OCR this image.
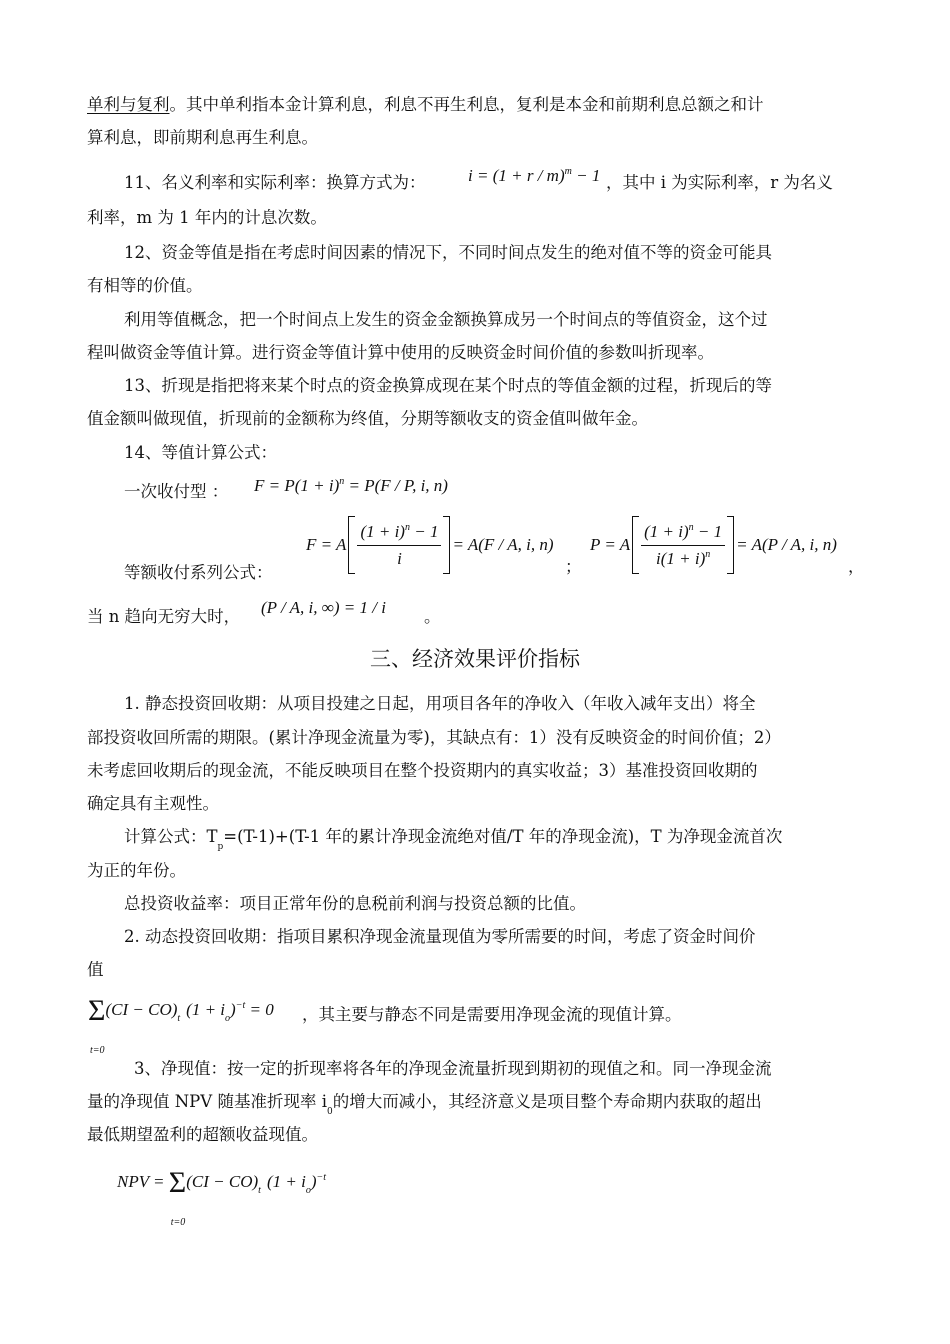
单利与复利。其中单利指本金计算利息，利息不再生利息，复利是本金和前期利息总额之和计
算利息，即前期利息再生利息。
11、名义利率和实际利率：换算方式为：	$i = (1 + r / m)^m - 1$ ，其中 i 为实际利率，r 为名义
利率，m 为 1 年内的计息次数。
12、资金等值是指在考虑时间因素的情况下，不同时间点发生的绝对值不等的资金可能具
有相等的价值。
利用等值概念，把一个时间点上发生的资金金额换算成另一个时间点的等值资金，这个过
程叫做资金等值计算。进行资金等值计算中使用的反映资金时间价值的参数叫折现率。
13、折现是指把将来某个时点的资金换算成现在某个时点的等值金额的过程，折现后的等
值金额叫做现值，折现前的金额称为终值，分期等额收支的资金值叫做年金。
14、等值计算公式：
一次收付型 ： $F = P(1 + i)^n = P(F / P$, i, n)
F = A $\frac{(1 + i)^n - 1}{i} = A(F / A$, i, n)
等额收付系列公式：	；
P = A $\frac{(1 + i)^n - 1}{i(1 + i)^n} = A(P / A$, i, n)
，
当 n 趋向无穷大时， (P / A, i, ∞) = 1 / i 。
三、经济效果评价指标
1. 静态投资回收期：从项目投建之日起，用项目各年的净收入（年收入减年支出）将全
部投资收回所需的期限。(累计净现金流量为零)，其缺点有：1）没有反映资金的时间价值；2）
未考虑回收期后的现金流，不能反映项目在整个投资期内的真实收益；3）基准投资回收期的
确定具有主观性。
计算公式：$T_p=(T-1)+(T-1$ 年的累计净现金流绝对值/T 年的净现金流)，T 为净现金流首次
为正的年份。
总投资收益率：项目正常年份的息税前利润与投资总额的比值。
2. 动态投资回收期：指项目累积净现金流量现值为零所需要的时间，考虑了资金时间价
值
Σ
t=0
$(CI - CO)_t$ $(1 + i_o)^{-t} = 0$ ，其主要与静态不同是需要用净现金流的现值计算。
3、净现值：按一定的折现率将各年的净现金流量折现到期初的现值之和。同一净现金流
量的净现值 NPV 随基准折现率 $i_0$的增大而减小，其经济意义是项目整个寿命期内获取的超出
最低期望盈利的超额收益现值。
NPV = Σ
t=0
$(CI - CO)_t$ $(1 + i_o)^{-t}$
